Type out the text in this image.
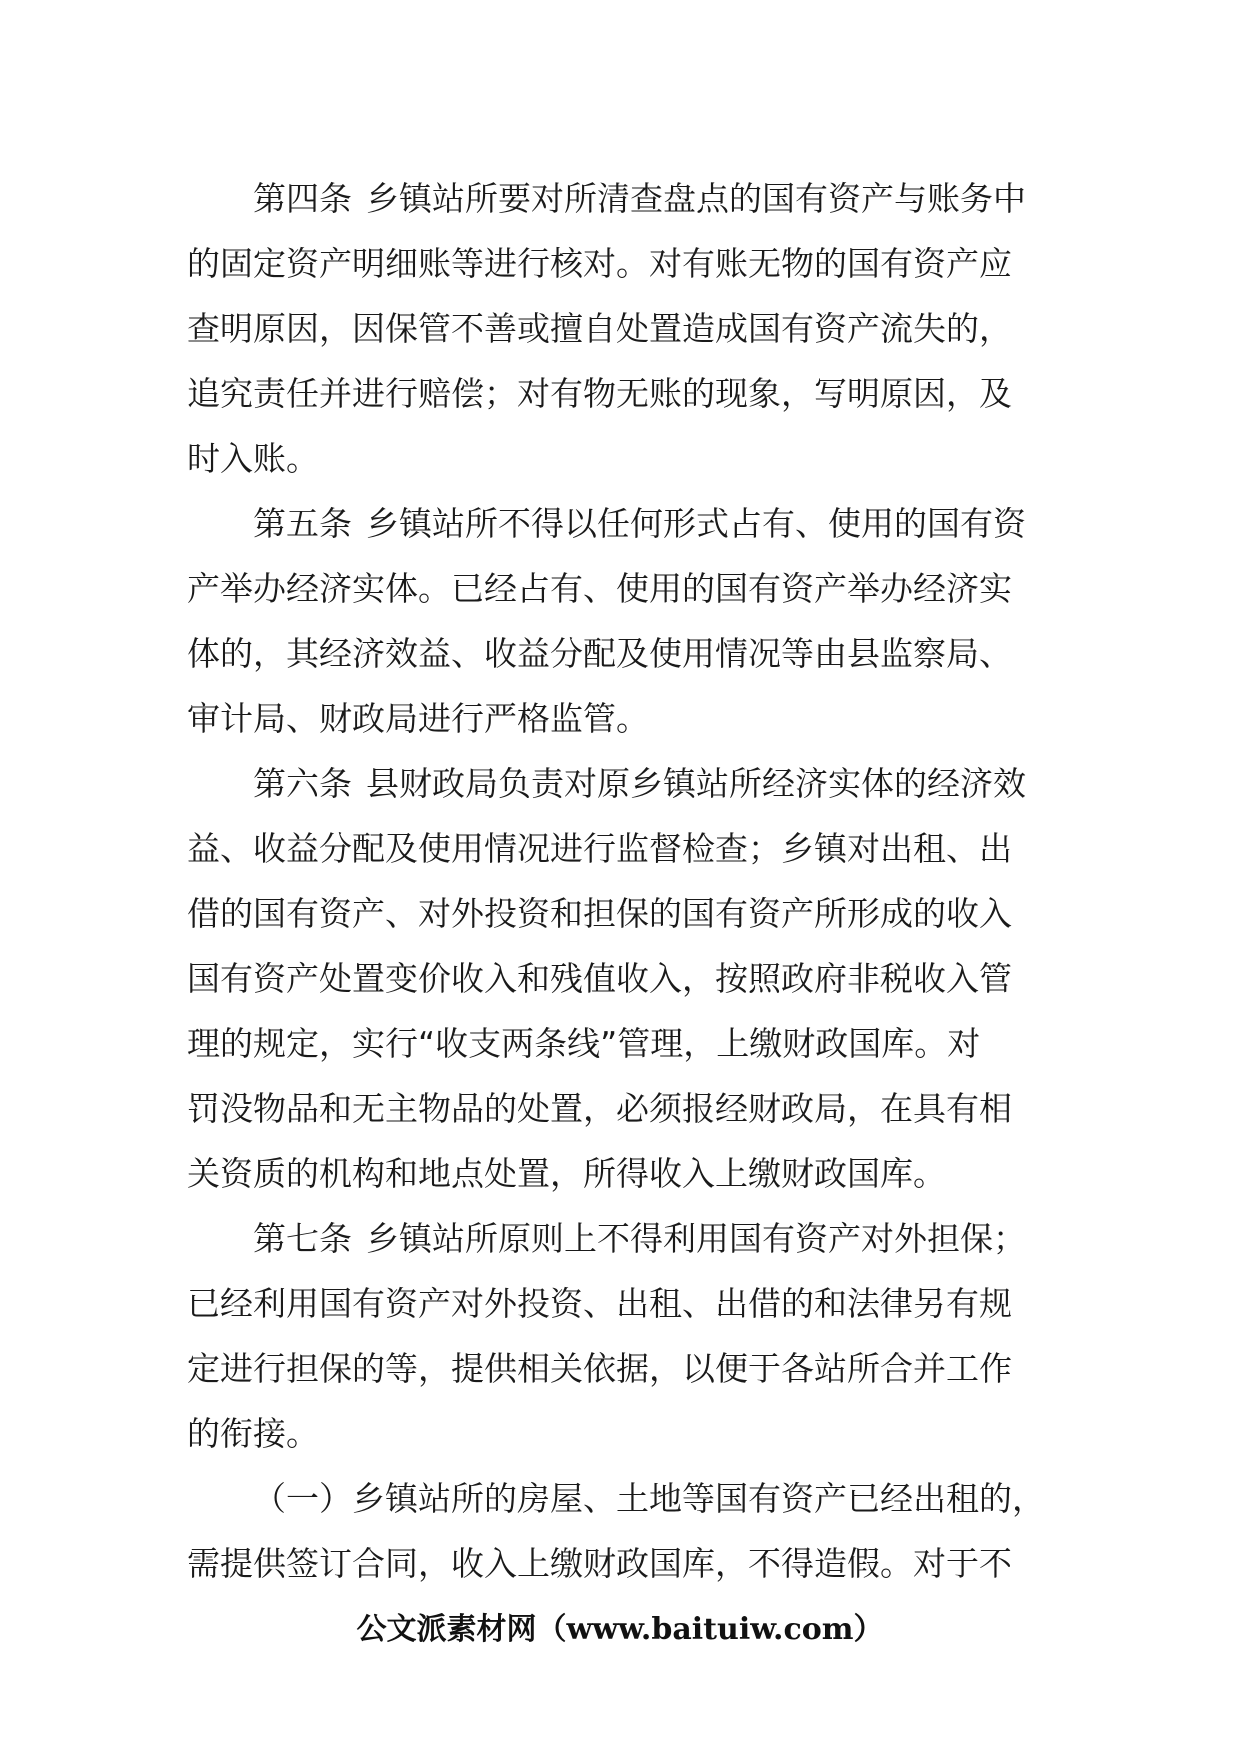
第四条 乡镇站所要对所清查盘点的国有资产与账务中
的固定资产明细账等进行核对。对有账无物的国有资产应
查明原因，因保管不善或擅自处置造成国有资产流失的，
追究责任并进行赔偿；对有物无账的现象，写明原因，及
时入账。
第五条 乡镇站所不得以任何形式占有、使用的国有资
产举办经济实体。已经占有、使用的国有资产举办经济实
体的，其经济效益、收益分配及使用情况等由县监察局、
审计局、财政局进行严格监管。
第六条 县财政局负责对原乡镇站所经济实体的经济效
益、收益分配及使用情况进行监督检查；乡镇对出租、出
借的国有资产、对外投资和担保的国有资产所形成的收入
国有资产处置变价收入和残值收入，按照政府非税收入管
理的规定，实行“收支两条线”管理，上缴财政国库。对
罚没物品和无主物品的处置，必须报经财政局，在具有相
关资质的机构和地点处置，所得收入上缴财政国库。
第七条 乡镇站所原则上不得利用国有资产对外担保；
已经利用国有资产对外投资、出租、出借的和法律另有规
定进行担保的等，提供相关依据，以便于各站所合并工作
的衔接。
（一）乡镇站所的房屋、土地等国有资产已经出租的，
需提供签订合同，收入上缴财政国库，不得造假。对于不
公文派素材网（www.baituiw.com）
